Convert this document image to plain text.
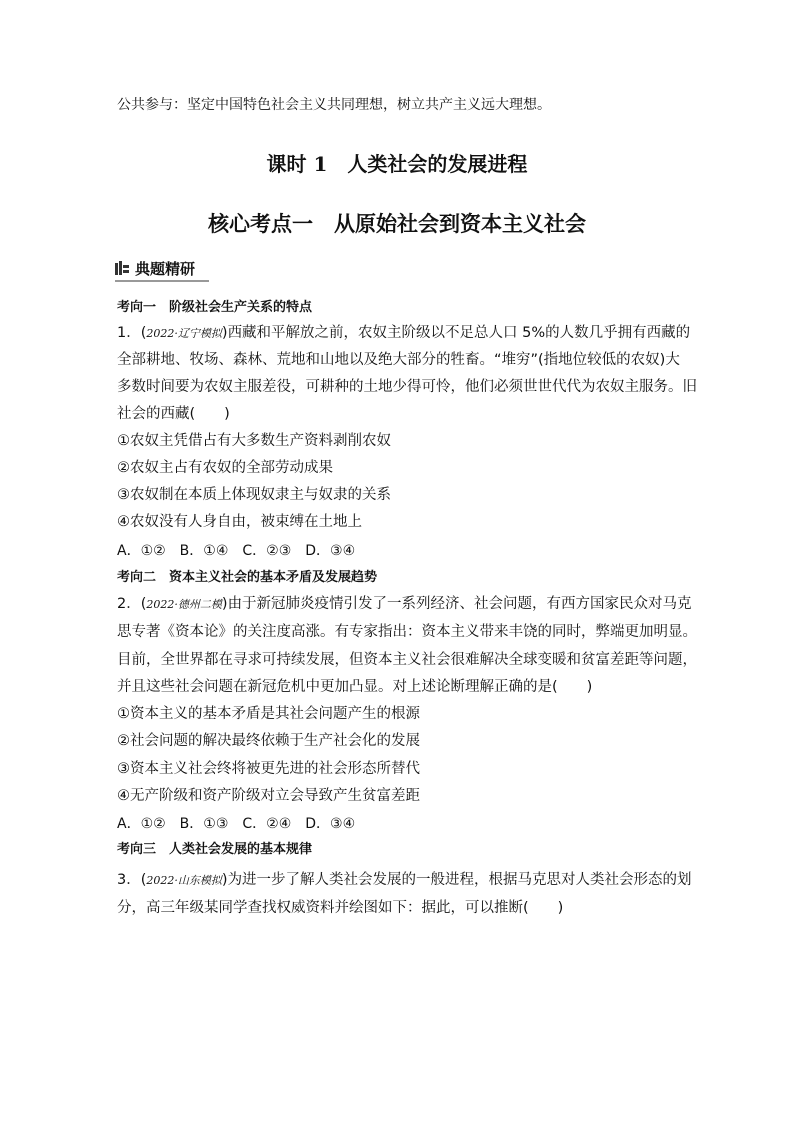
公共参与：坚定中国特色社会主义共同理想，树立共产主义远大理想。
课时 1　人类社会的发展进程
核心考点一　从原始社会到资本主义社会
典题精研
考向一　阶级社会生产关系的特点
1．(2022·辽宁模拟)西藏和平解放之前，农奴主阶级以不足总人口 5%的人数几乎拥有西藏的
全部耕地、牧场、森林、荒地和山地以及绝大部分的牲畜。“堆穷”(指地位较低的农奴)大
多数时间要为农奴主服差役，可耕种的土地少得可怜，他们必须世世代代为农奴主服务。旧
社会的西藏(　　)
①农奴主凭借占有大多数生产资料剥削农奴
②农奴主占有农奴的全部劳动成果
③农奴制在本质上体现奴隶主与奴隶的关系
④农奴没有人身自由，被束缚在土地上
A．①②　B．①④　C．②③　D．③④
考向二　资本主义社会的基本矛盾及发展趋势
2．(2022·德州二模)由于新冠肺炎疫情引发了一系列经济、社会问题，有西方国家民众对马克
思专著《资本论》的关注度高涨。有专家指出：资本主义带来丰饶的同时，弊端更加明显。
目前，全世界都在寻求可持续发展，但资本主义社会很难解决全球变暖和贫富差距等问题，
并且这些社会问题在新冠危机中更加凸显。对上述论断理解正确的是(　　)
①资本主义的基本矛盾是其社会问题产生的根源
②社会问题的解决最终依赖于生产社会化的发展
③资本主义社会终将被更先进的社会形态所替代
④无产阶级和资产阶级对立会导致产生贫富差距
A．①②　B．①③　C．②④　D．③④
考向三　人类社会发展的基本规律
3．(2022·山东模拟)为进一步了解人类社会发展的一般进程，根据马克思对人类社会形态的划
分，高三年级某同学查找权威资料并绘图如下：据此，可以推断(　　)
